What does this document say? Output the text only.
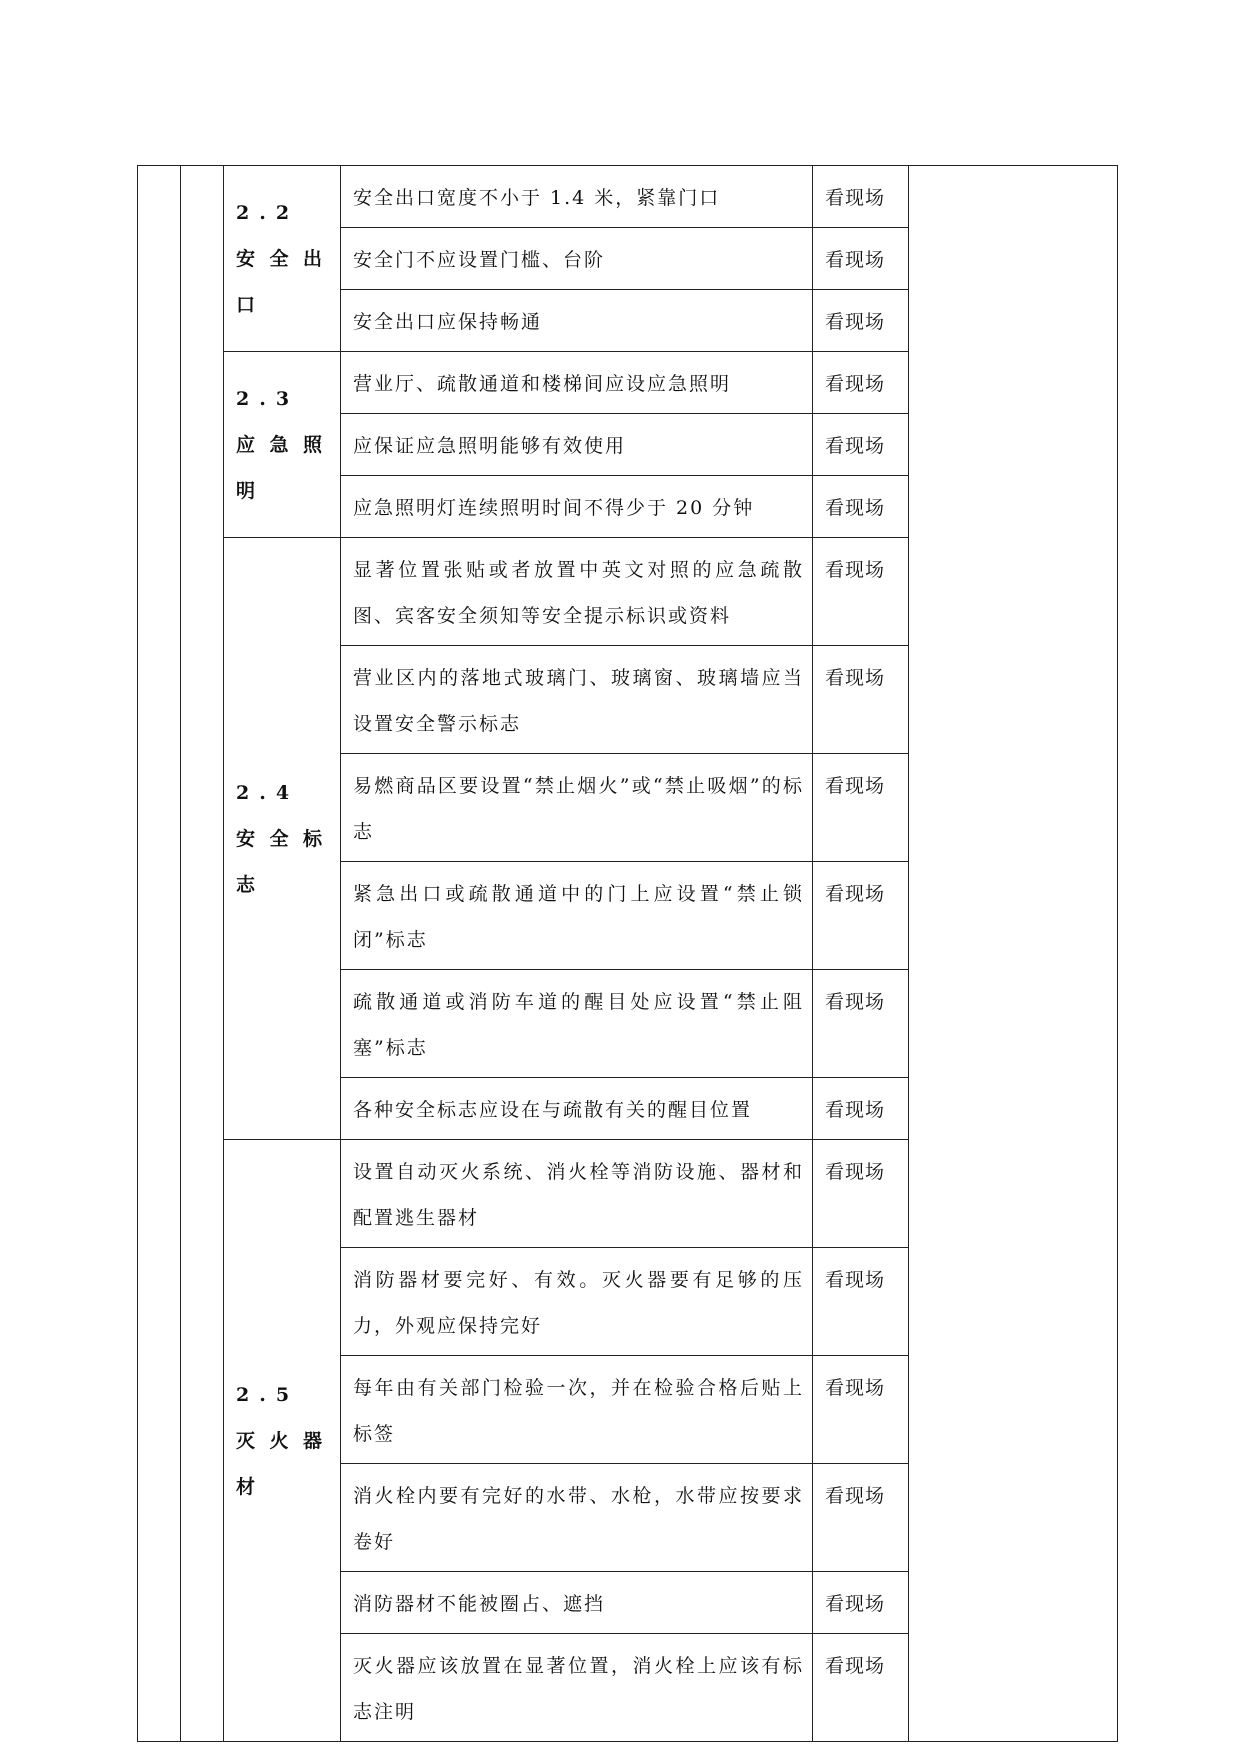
		2.2 安全出口	安全出口宽度不小于 1.4 米，紧靠门口	看现场	

			安全门不应设置门槛、台阶	看现场	

			安全出口应保持畅通	看现场	

		2.3 应急照明	营业厅、疏散通道和楼梯间应设应急照明	看现场	

			应保证应急照明能够有效使用	看现场	

			应急照明灯连续照明时间不得少于 20 分钟	看现场	

		2.4 安全标志	显著位置张贴或者放置中英文对照的应急疏散图、宾客安全须知等安全提示标识或资料	看现场	

			营业区内的落地式玻璃门、玻璃窗、玻璃墙应当设置安全警示标志	看现场	

			易燃商品区要设置“禁止烟火”或“禁止吸烟”的标志	看现场	

			紧急出口或疏散通道中的门上应设置“禁止锁闭”标志	看现场	

			疏散通道或消防车道的醒目处应设置“禁止阻塞”标志	看现场	

			各种安全标志应设在与疏散有关的醒目位置	看现场	

		2.5 灭火器材	设置自动灭火系统、消火栓等消防设施、器材和配置逃生器材	看现场	

			消防器材要完好、有效。灭火器要有足够的压力，外观应保持完好	看现场	

			每年由有关部门检验一次，并在检验合格后贴上标签	看现场	

			消火栓内要有完好的水带、水枪，水带应按要求卷好	看现场	

			消防器材不能被圈占、遮挡	看现场	

			灭火器应该放置在显著位置，消火栓上应该有标志注明	看现场	
